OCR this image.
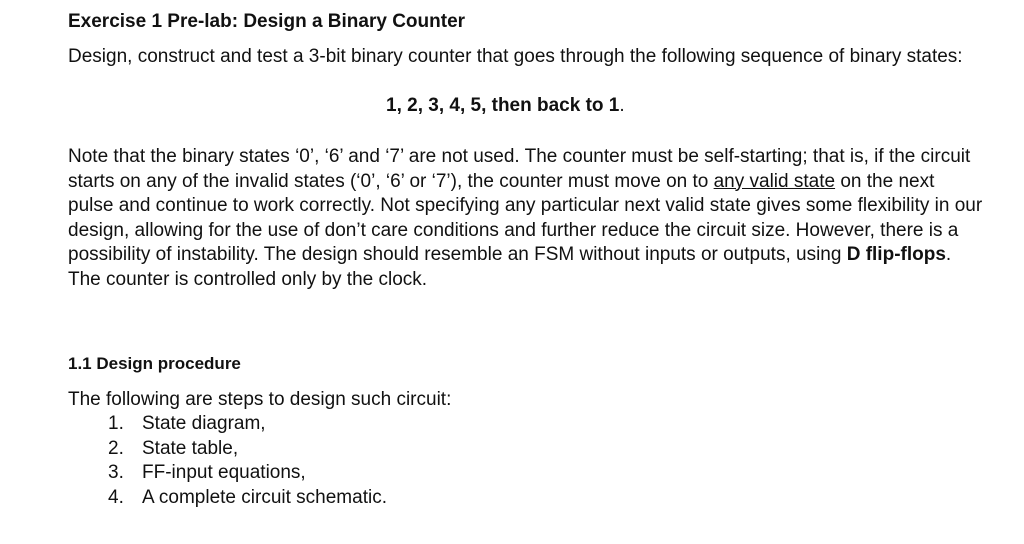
Exercise 1 Pre-lab: Design a Binary Counter

Design, construct and test a 3-bit binary counter that goes through the following sequence of binary states:

1, 2, 3, 4, 5, then back to 1.

Note that the binary states ‘0’, ‘6’ and ‘7’ are not used. The counter must be self-starting; that is, if the circuit starts on any of the invalid states (‘0’, ‘6’ or ‘7’), the counter must move on to any valid state on the next pulse and continue to work correctly. Not specifying any particular next valid state gives some flexibility in our design, allowing for the use of don’t care conditions and further reduce the circuit size. However, there is a possibility of instability. The design should resemble an FSM without inputs or outputs, using D flip-flops. The counter is controlled only by the clock.

1.1 Design procedure
The following are steps to design such circuit:
1. State diagram,
2. State table,
3. FF-input equations,
4. A complete circuit schematic.
